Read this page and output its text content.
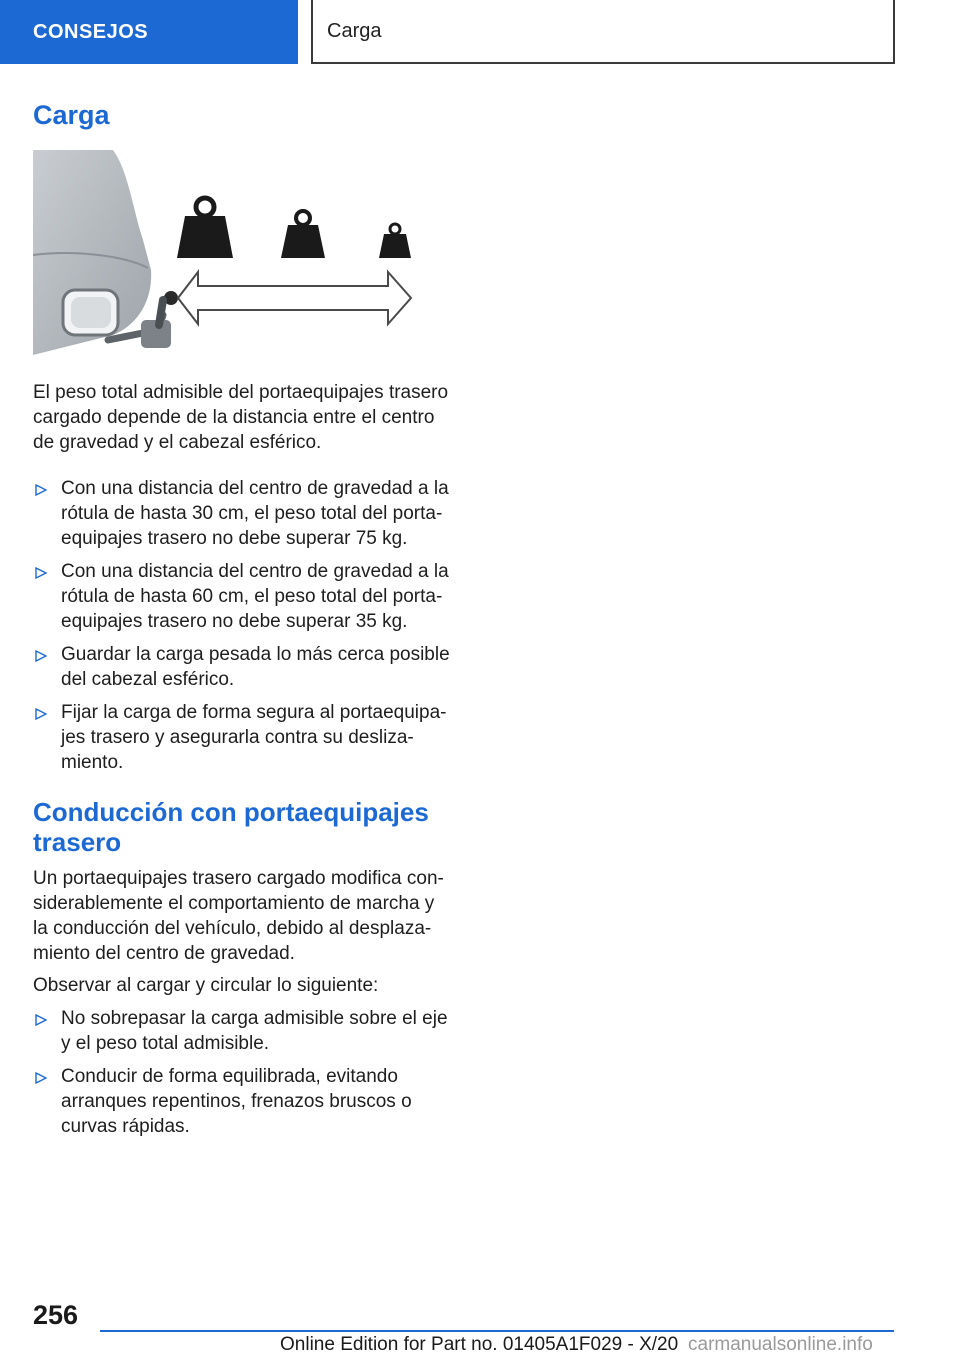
CONSEJOS	Carga
Carga
El peso total admisible del portaequipajes trasero cargado depende de la distancia entre el centro de gravedad y el cabezal esférico.
Con una distancia del centro de gravedad a la rótula de hasta 30 cm, el peso total del porta‐ equipajes trasero no debe superar 75 kg.
Con una distancia del centro de gravedad a la rótula de hasta 60 cm, el peso total del porta‐ equipajes trasero no debe superar 35 kg.
Guardar la carga pesada lo más cerca posible del cabezal esférico.
Fijar la carga de forma segura al portaequipa‐ jes trasero y asegurarla contra su desliza‐ miento.
Conducción con portaequipajes trasero
Un portaequipajes trasero cargado modifica con‐ siderablemente el comportamiento de marcha y la conducción del vehículo, debido al desplaza‐ miento del centro de gravedad.
Observar al cargar y circular lo siguiente:
No sobrepasar la carga admisible sobre el eje y el peso total admisible.
Conducir de forma equilibrada, evitando arranques repentinos, frenazos bruscos o curvas rápidas.
256
Online Edition for Part no. 01405A1F029 - X/20 carmanualsonline.info
